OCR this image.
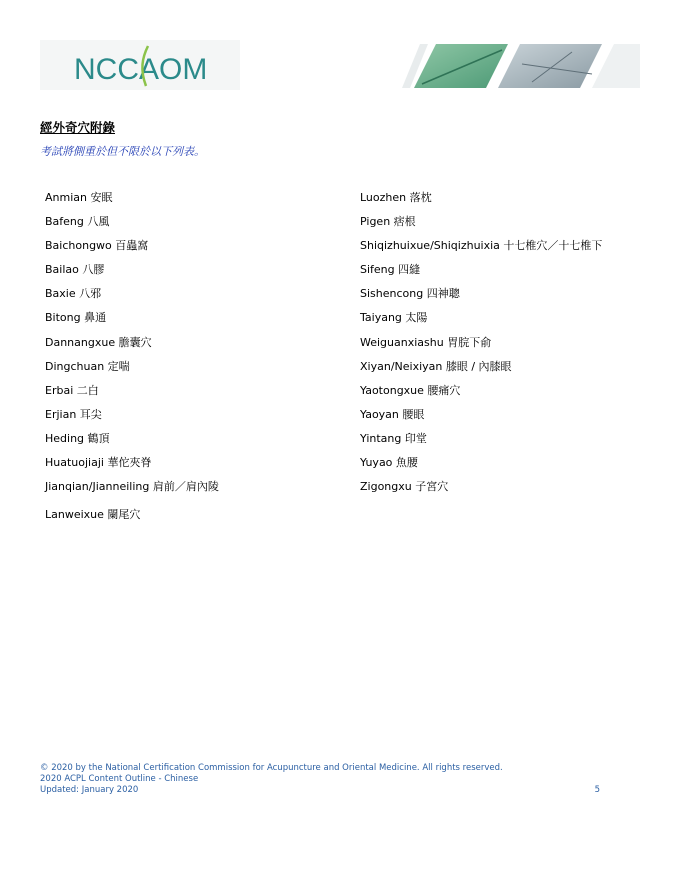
NCCAOM
經外奇穴附錄

考試將側重於但不限於以下列表。

Anmian 安眠
Bafeng 八風
Baichongwo 百蟲窩
Bailao 八膠
Baxie 八邪
Bitong 鼻通
Dannangxue 膽囊穴
Dingchuan 定喘
Erbai 二白
Erjian 耳尖
Heding 鶴頂
Huatuojiaji 華佗夾脊
Jianqian/Jianneiling 肩前／肩內陵
Lanweixue 闌尾穴
Luozhen 落枕
Pigen 痞根
Shiqizhuixue/Shiqizhuixia 十七椎穴／十七椎下
Sifeng 四縫
Sishencong 四神聰
Taiyang 太陽
Weiguanxiashu 胃脘下俞
Xiyan/Neixiyan 膝眼 / 內膝眼
Yaotongxue 腰痛穴
Yaoyan 腰眼
Yintang 印堂
Yuyao 魚腰
Zigongxu 子宮穴
© 2020 by the National Certification Commission for Acupuncture and Oriental Medicine. All rights reserved.
2020 ACPL Content Outline - Chinese
Updated: January 2020	5
